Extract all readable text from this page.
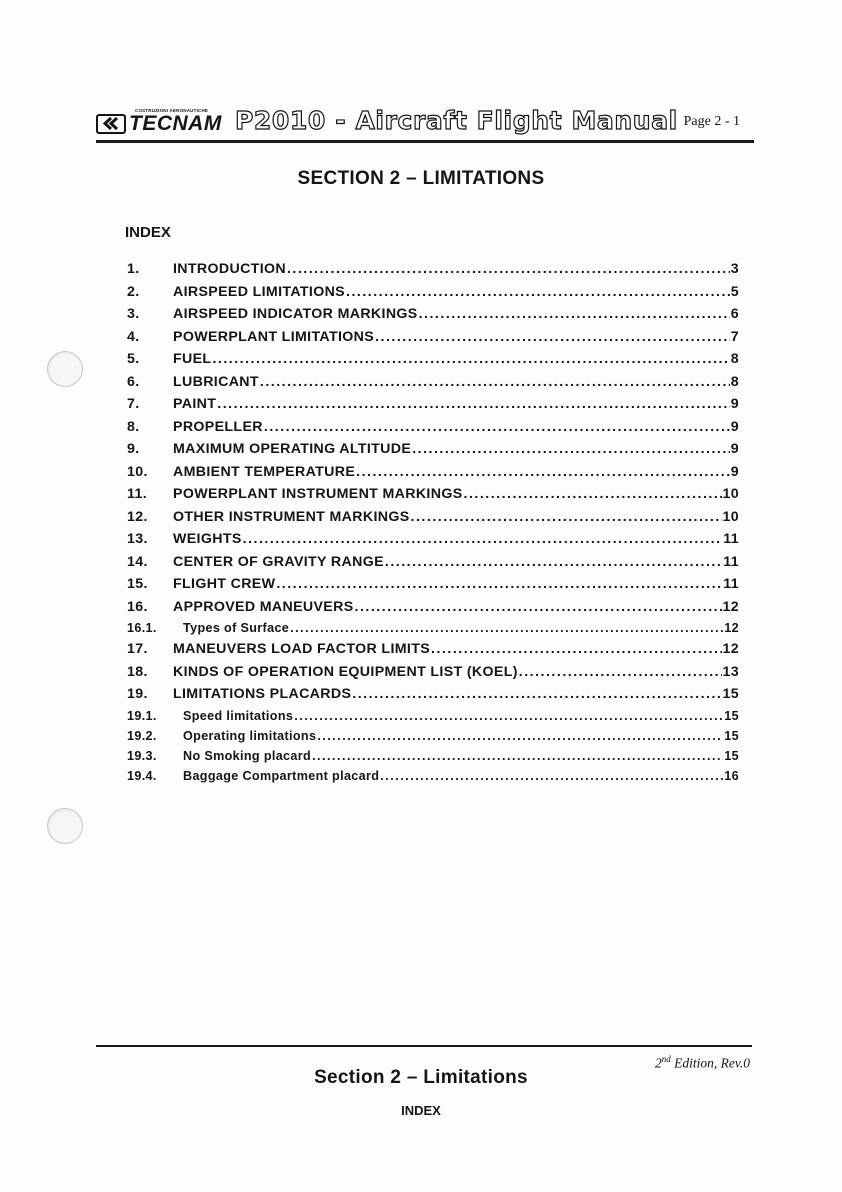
COSTRUZIONI AERONAUTICHE
TECNAM P2010 - Aircraft Flight Manual Page 2 - 1
SECTION 2 – LIMITATIONS
INDEX
1.	INTRODUCTION .....	3
2.	AIRSPEED LIMITATIONS .....	5
3.	AIRSPEED INDICATOR MARKINGS .....	6
4.	POWERPLANT LIMITATIONS .....	7
5.	FUEL .....	8
6.	LUBRICANT .....	8
7.	PAINT .....	9
8.	PROPELLER .....	9
9.	MAXIMUM OPERATING ALTITUDE .....	9
10.	AMBIENT TEMPERATURE .....	9
11.	POWERPLANT INSTRUMENT MARKINGS .....	10
12.	OTHER INSTRUMENT MARKINGS .....	10
13.	WEIGHTS .....	11
14.	CENTER OF GRAVITY RANGE .....	11
15.	FLIGHT CREW .....	11
16.	APPROVED MANEUVERS .....	12
16.1.	Types of Surface .....	12
17.	MANEUVERS LOAD FACTOR LIMITS .....	12
18.	KINDS OF OPERATION EQUIPMENT LIST (KOEL) .....	13
19.	LIMITATIONS PLACARDS .....	15
19.1.	Speed limitations .....	15
19.2.	Operating limitations .....	15
19.3.	No Smoking placard .....	15
19.4.	Baggage Compartment placard .....	16
2nd Edition, Rev.0
Section 2 – Limitations
INDEX
